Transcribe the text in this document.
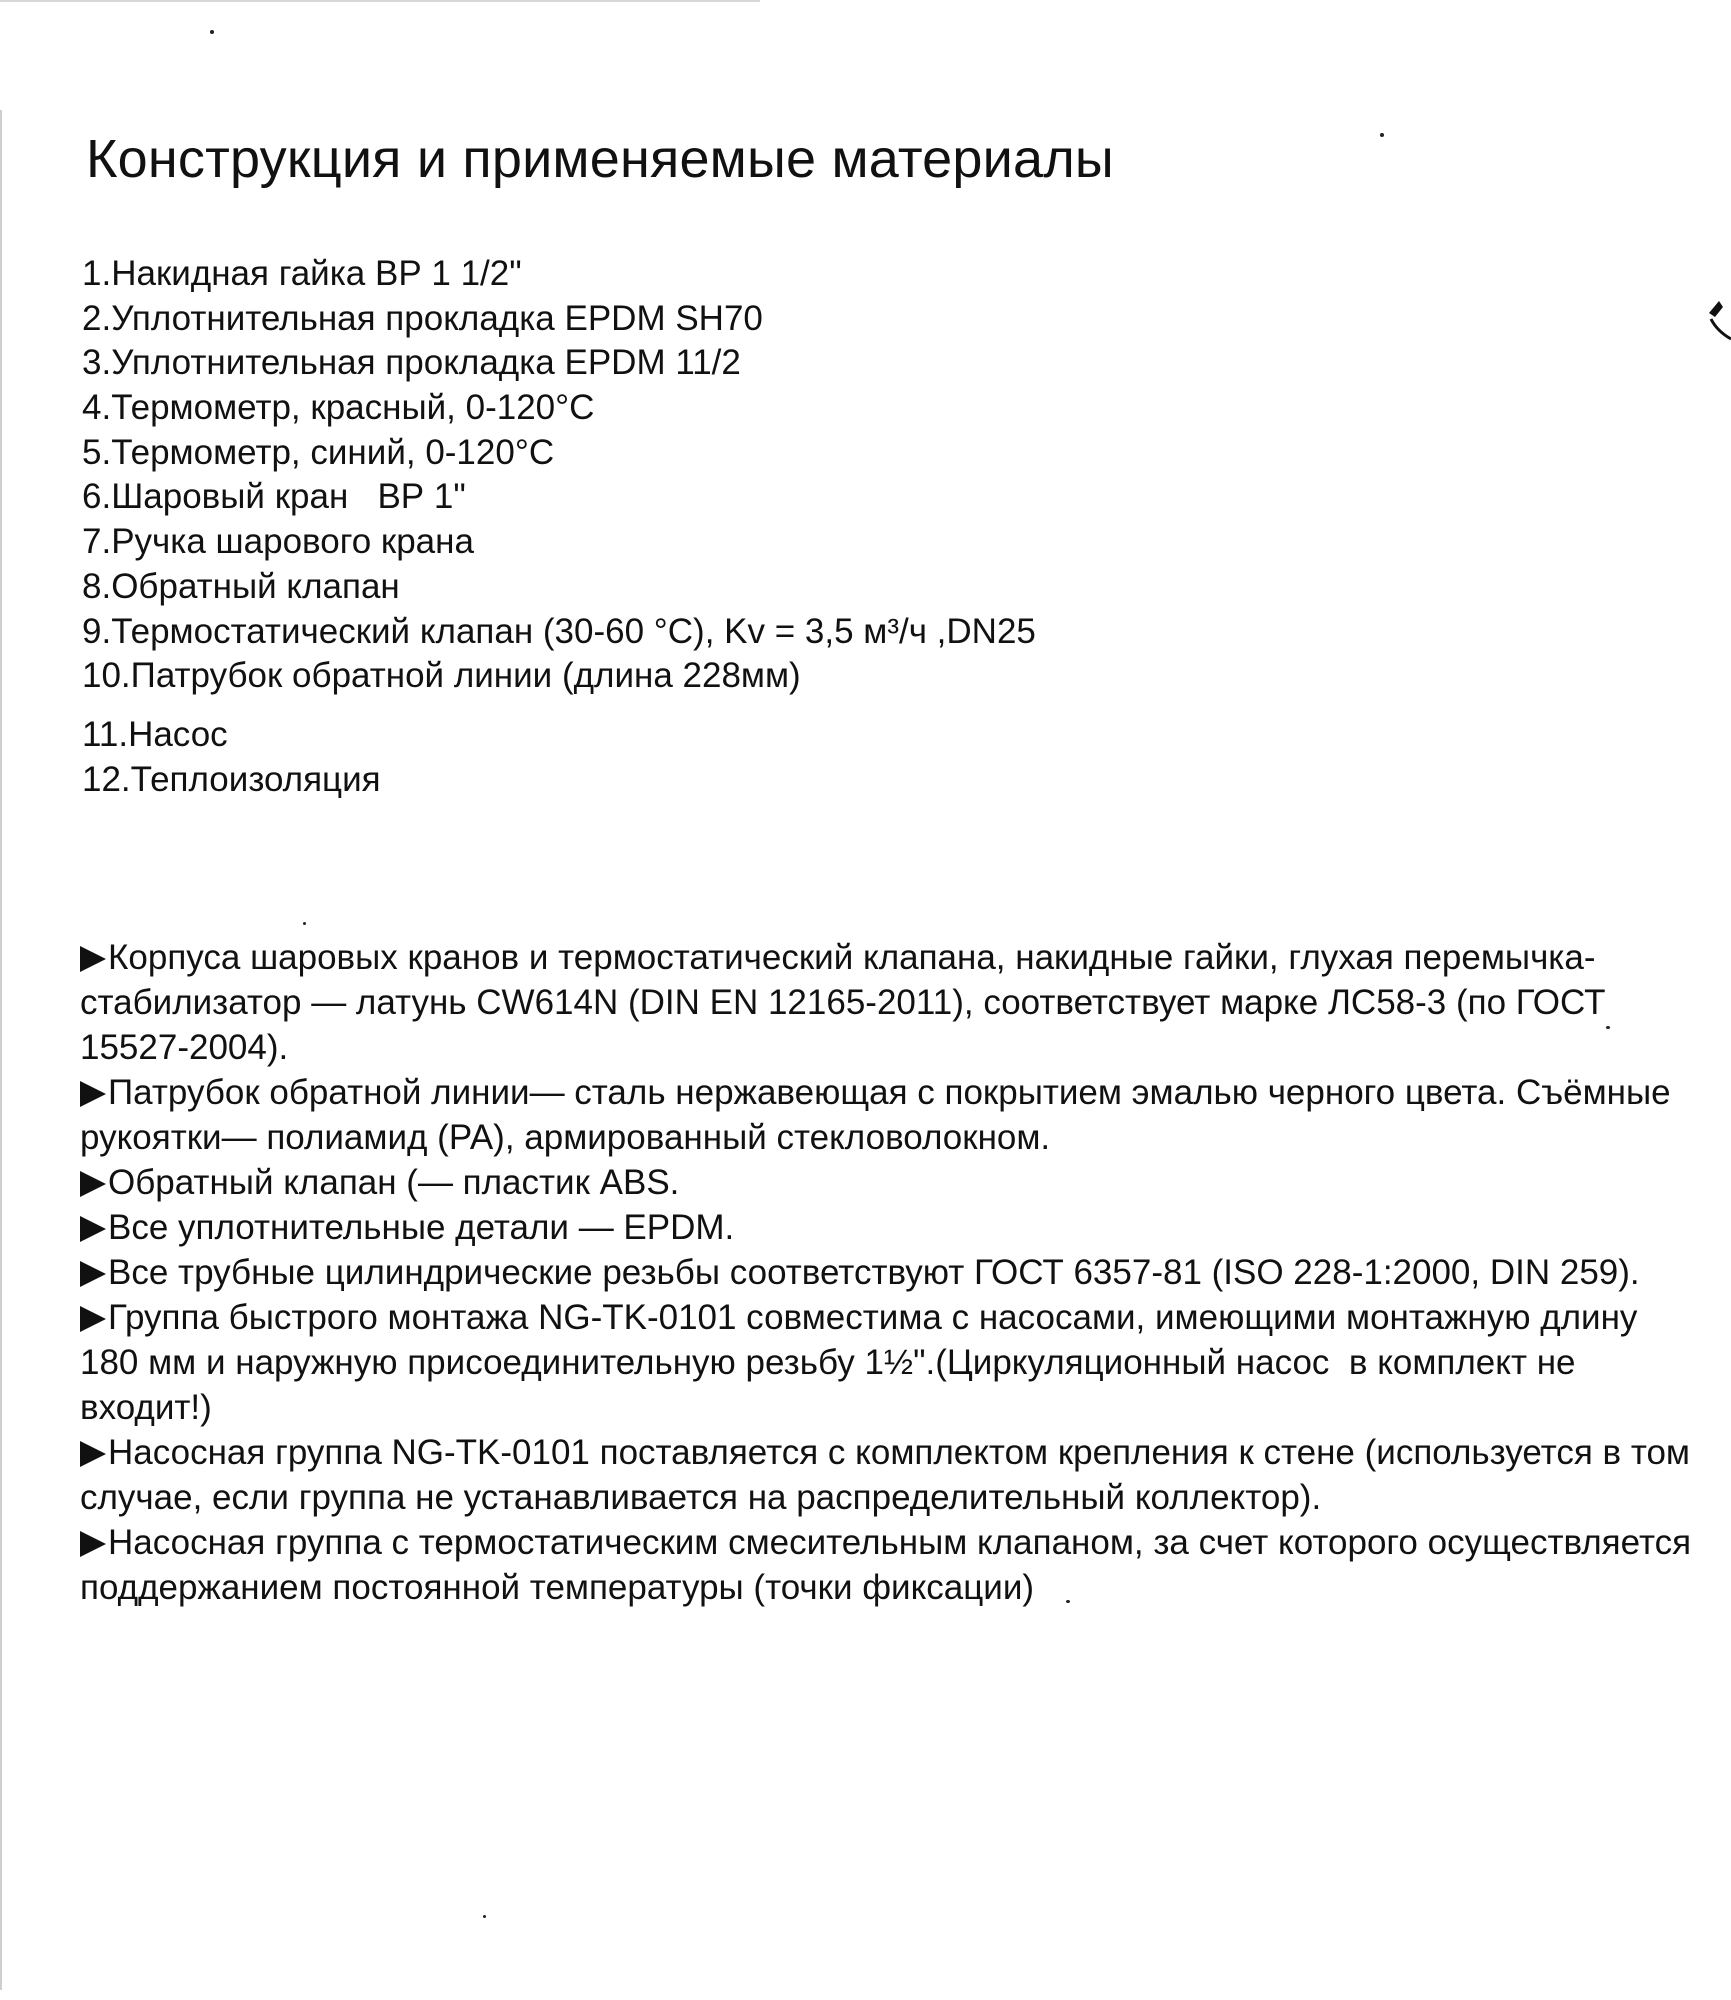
Конструкция и применяемые материалы
1.Накидная гайка ВР 1 1/2"
2.Уплотнительная прокладка EPDM SH70
3.Уплотнительная прокладка EPDM 11/2
4.Термометр, красный, 0-120°С
5.Термометр, синий, 0-120°С
6.Шаровый кран   ВР 1"
7.Ручка шарового крана
8.Обратный клапан
9.Термостатический клапан (30-60 °С), Kv = 3,5 м³/ч ,DN25
10.Патрубок обратной линии (длина 228мм)
11.Насос
12.Теплоизоляция

Корпуса шаровых кранов и термостатический клапана, накидные гайки, глухая перемычка-стабилизатор — латунь CW614N (DIN EN 12165-2011), соответствует марке ЛС58-3 (по ГОСТ 15527-2004).

Патрубок обратной линии— сталь нержавеющая с покрытием эмалью черного цвета. Съёмные рукоятки— полиамид (РА), армированный стекловолокном.

Обратный клапан (— пластик ABS.

Все уплотнительные детали — EPDM.

Все трубные цилиндрические резьбы соответствуют ГОСТ 6357-81 (ISO 228-1:2000, DIN 259).

Группа быстрого монтажа NG-TK-0101 совместима с насосами, имеющими монтажную длину 180 мм и наружную присоединительную резьбу 1½".(Циркуляционный насос  в комплект не входит!)

Насосная группа NG-TK-0101 поставляется с комплектом крепления к стене (используется в том случае, если группа не устанавливается на распределительный коллектор).

Насосная группа с термостатическим смесительным клапаном, за счет которого осуществляется поддержанием постоянной температуры (точки фиксации)
